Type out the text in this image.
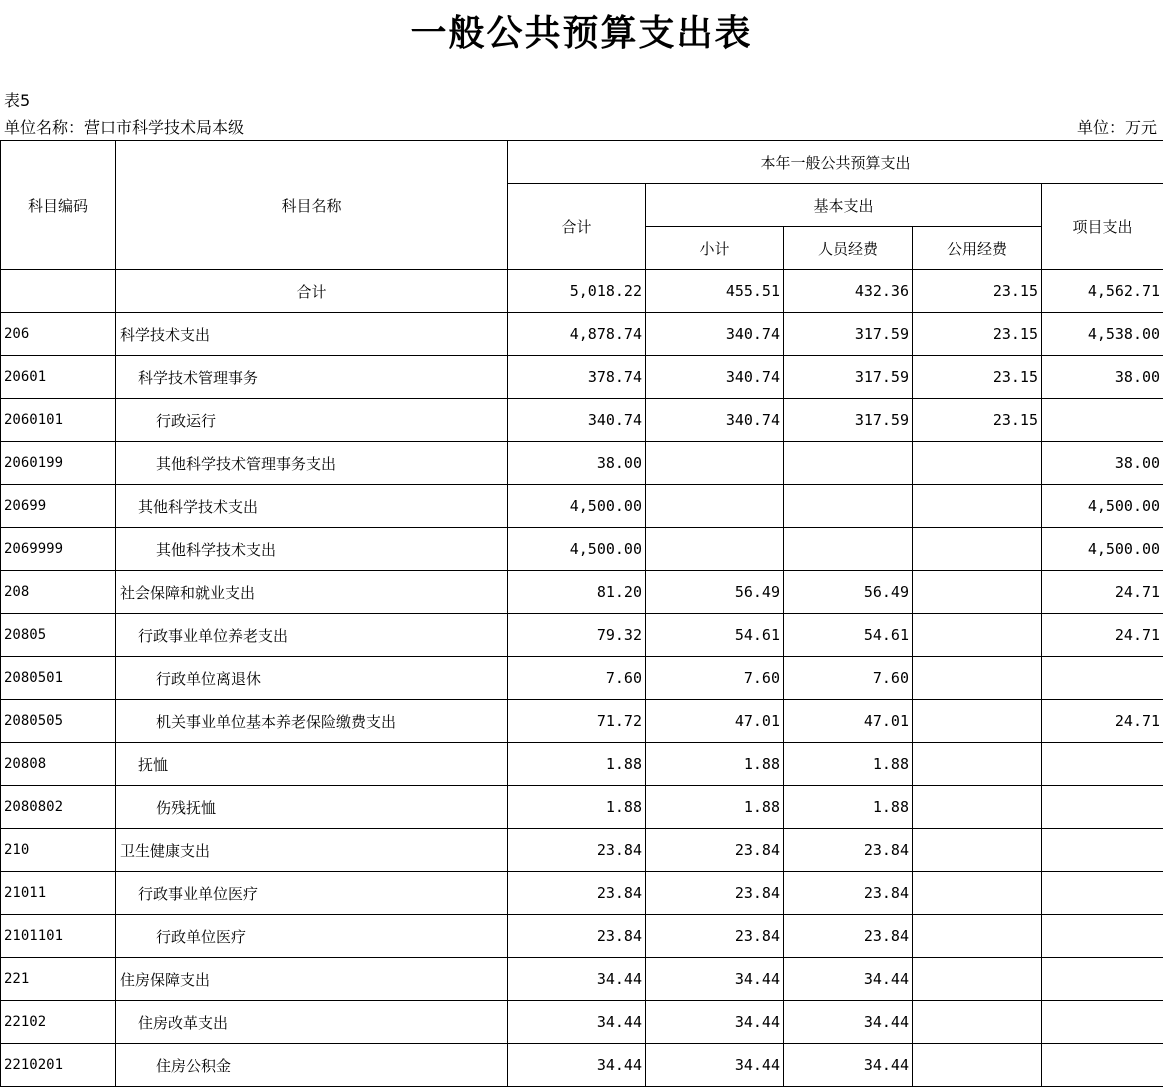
一般公共预算支出表
表5
单位名称：营口市科学技术局本级	单位：万元
科目编码	科目名称	本年一般公共预算支出				
		合计	基本支出			项目支出
			小计	人员经费	公用经费	
	合计	5,018.22	455.51	432.36	23.15	4,562.71
206	科学技术支出	4,878.74	340.74	317.59	23.15	4,538.00
20601	科学技术管理事务	378.74	340.74	317.59	23.15	38.00
2060101	行政运行	340.74	340.74	317.59	23.15	
2060199	其他科学技术管理事务支出	38.00				38.00
20699	其他科学技术支出	4,500.00				4,500.00
2069999	其他科学技术支出	4,500.00				4,500.00
208	社会保障和就业支出	81.20	56.49	56.49		24.71
20805	行政事业单位养老支出	79.32	54.61	54.61		24.71
2080501	行政单位离退休	7.60	7.60	7.60		
2080505	机关事业单位基本养老保险缴费支出	71.72	47.01	47.01		24.71
20808	抚恤	1.88	1.88	1.88		
2080802	伤残抚恤	1.88	1.88	1.88		
210	卫生健康支出	23.84	23.84	23.84		
21011	行政事业单位医疗	23.84	23.84	23.84		
2101101	行政单位医疗	23.84	23.84	23.84		
221	住房保障支出	34.44	34.44	34.44		
22102	住房改革支出	34.44	34.44	34.44		
2210201	住房公积金	34.44	34.44	34.44		
